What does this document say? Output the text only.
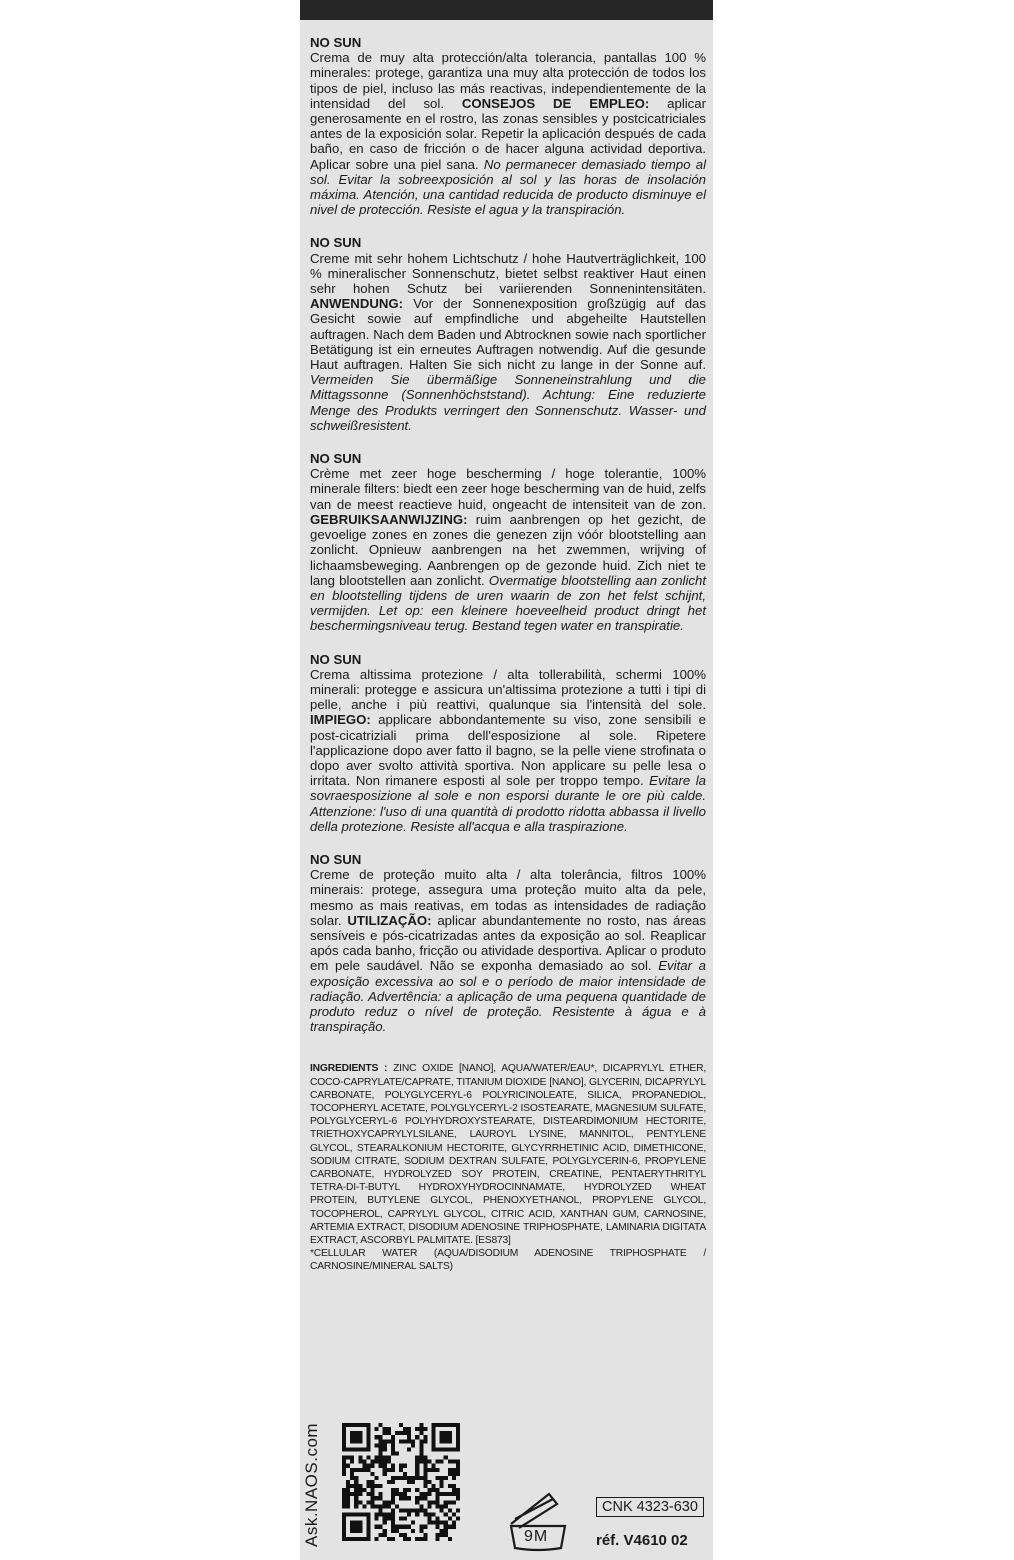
NO SUN
Crema de muy alta protección/alta tolerancia, pantallas 100 % minerales: protege, garantiza una muy alta protección de todos los tipos de piel, incluso las más reactivas, independientemente de la intensidad del sol. CONSEJOS DE EMPLEO: aplicar generosamente en el rostro, las zonas sensibles y postcicatriciales antes de la exposición solar. Repetir la aplicación después de cada baño, en caso de fricción o de hacer alguna actividad deportiva. Aplicar sobre una piel sana. No permanecer demasiado tiempo al sol. Evitar la sobreexposición al sol y las horas de insolación máxima. Atención, una cantidad reducida de producto disminuye el nivel de protección. Resiste el agua y la transpiración.

NO SUN
Creme mit sehr hohem Lichtschutz / hohe Hautverträglichkeit, 100 % mineralischer Sonnenschutz, bietet selbst reaktiver Haut einen sehr hohen Schutz bei variierenden Sonnenintensitäten. ANWENDUNG: Vor der Sonnenexposition großzügig auf das Gesicht sowie auf empfindliche und abgeheilte Hautstellen auftragen. Nach dem Baden und Abtrocknen sowie nach sportlicher Betätigung ist ein erneutes Auftragen notwendig. Auf die gesunde Haut auftragen. Halten Sie sich nicht zu lange in der Sonne auf. Vermeiden Sie übermäßige Sonneneinstrahlung und die Mittagssonne (Sonnenhöchststand). Achtung: Eine reduzierte Menge des Produkts verringert den Sonnenschutz. Wasser- und schweißresistent.

NO SUN
Crème met zeer hoge bescherming / hoge tolerantie, 100% minerale filters: biedt een zeer hoge bescherming van de huid, zelfs van de meest reactieve huid, ongeacht de intensiteit van de zon. GEBRUIKSAANWIJZING: ruim aanbrengen op het gezicht, de gevoelige zones en zones die genezen zijn vóór blootstelling aan zonlicht. Opnieuw aanbrengen na het zwemmen, wrijving of lichaamsbeweging. Aanbrengen op de gezonde huid. Zich niet te lang blootstellen aan zonlicht. Overmatige blootstelling aan zonlicht en blootstelling tijdens de uren waarin de zon het felst schijnt, vermijden. Let op: een kleinere hoeveelheid product dringt het beschermingsniveau terug. Bestand tegen water en transpiratie.

NO SUN
Crema altissima protezione / alta tollerabilità, schermi 100% minerali: protegge e assicura un'altissima protezione a tutti i tipi di pelle, anche i più reattivi, qualunque sia l'intensità del sole. IMPIEGO: applicare abbondantemente su viso, zone sensibili e post-cicatriziali prima dell'esposizione al sole. Ripetere l'applicazione dopo aver fatto il bagno, se la pelle viene strofinata o dopo aver svolto attività sportiva. Non applicare su pelle lesa o irritata. Non rimanere esposti al sole per troppo tempo. Evitare la sovraesposizione al sole e non esporsi durante le ore più calde. Attenzione: l'uso di una quantità di prodotto ridotta abbassa il livello della protezione. Resiste all'acqua e alla traspirazione.

NO SUN
Creme de proteção muito alta / alta tolerância, filtros 100% minerais: protege, assegura uma proteção muito alta da pele, mesmo as mais reativas, em todas as intensidades de radiação solar. UTILIZAÇÃO: aplicar abundantemente no rosto, nas áreas sensíveis e pós-cicatrizadas antes da exposição ao sol. Reaplicar após cada banho, fricção ou atividade desportiva. Aplicar o produto em pele saudável. Não se exponha demasiado ao sol. Evitar a exposição excessiva ao sol e o período de maior intensidade de radiação. Advertência: a aplicação de uma pequena quantidade de produto reduz o nível de proteção. Resistente à água e à transpiração.

INGREDIENTS : ZINC OXIDE [NANO], AQUA/WATER/EAU*, DICAPRYLYL ETHER, COCO-CAPRYLATE/CAPRATE, TITANIUM DIOXIDE [NANO], GLYCERIN, DICAPRYLYL CARBONATE, POLYGLYCERYL-6 POLYRICINOLEATE, SILICA, PROPANEDIOL, TOCOPHERYL ACETATE, POLYGLYCERYL-2 ISOSTEARATE, MAGNESIUM SULFATE, POLYGLYCERYL-6 POLYHYDROXYSTEARATE, DISTEARDIMONIUM HECTORITE, TRIETHOXYCAPRYLYLSILANE, LAUROYL LYSINE, MANNITOL, PENTYLENE GLYCOL, STEARALKONIUM HECTORITE, GLYCYRRHETINIC ACID, DIMETHICONE, SODIUM CITRATE, SODIUM DEXTRAN SULFATE, POLYGLYCERIN-6, PROPYLENE CARBONATE, HYDROLYZED SOY PROTEIN, CREATINE, PENTAERYTHRITYL TETRA-DI-T-BUTYL HYDROXYHYDROCINNAMATE, HYDROLYZED WHEAT PROTEIN, BUTYLENE GLYCOL, PHENOXYETHANOL, PROPYLENE GLYCOL, TOCOPHEROL, CAPRYLYL GLYCOL, CITRIC ACID, XANTHAN GUM, CARNOSINE, ARTEMIA EXTRACT, DISODIUM ADENOSINE TRIPHOSPHATE, LAMINARIA DIGITATA EXTRACT, ASCORBYL PALMITATE. [ES873]
*CELLULAR WATER (AQUA/DISODIUM ADENOSINE TRIPHOSPHATE / CARNOSINE/MINERAL SALTS)
Ask.NAOS.com	9M
CNK 4323-630
réf. V4610 02
